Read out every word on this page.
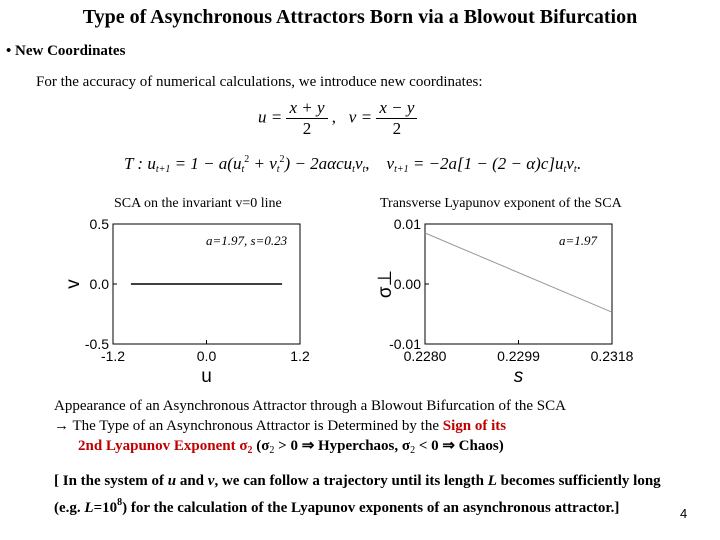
Type of Asynchronous Attractors Born via a Blowout Bifurcation
• New Coordinates
For the accuracy of numerical calculations, we introduce new coordinates:
$u = \frac{x + y}{2}$ , $v = \frac{x - y}{2}$
T : $u_{t+1} = 1 - a(u_t^2 + v_t^2) - 2a\alpha cu_tv_t$, $v_{t+1} = -2a[1 - (2 - \alpha)c]u_tv_t$.
SCA on the invariant v=0 line	Transverse Lyapunov exponent of the SCA
-1.2	0.0	1.2
0.5
0.0
-0.5
u
v
0.2280	0.2299	0.2318
0.01
0.00
-0.01
s
σ⊥
a=1.97, s=0.23	a=1.97
Appearance of an Asynchronous Attractor through a Blowout Bifurcation of the SCA
→ The Type of an Asynchronous Attractor is Determined by the Sign of its
2nd Lyapunov Exponent $\sigma_2$ ($\sigma_2 > 0$ ⇒ Hyperchaos, $\sigma_2 < 0$ ⇒ Chaos)
[ In the system of u and v, we can follow a trajectory until its length L becomes sufficiently long (e.g. $L=10^8$) for the calculation of the Lyapunov exponents of an asynchronous attractor.]	4
